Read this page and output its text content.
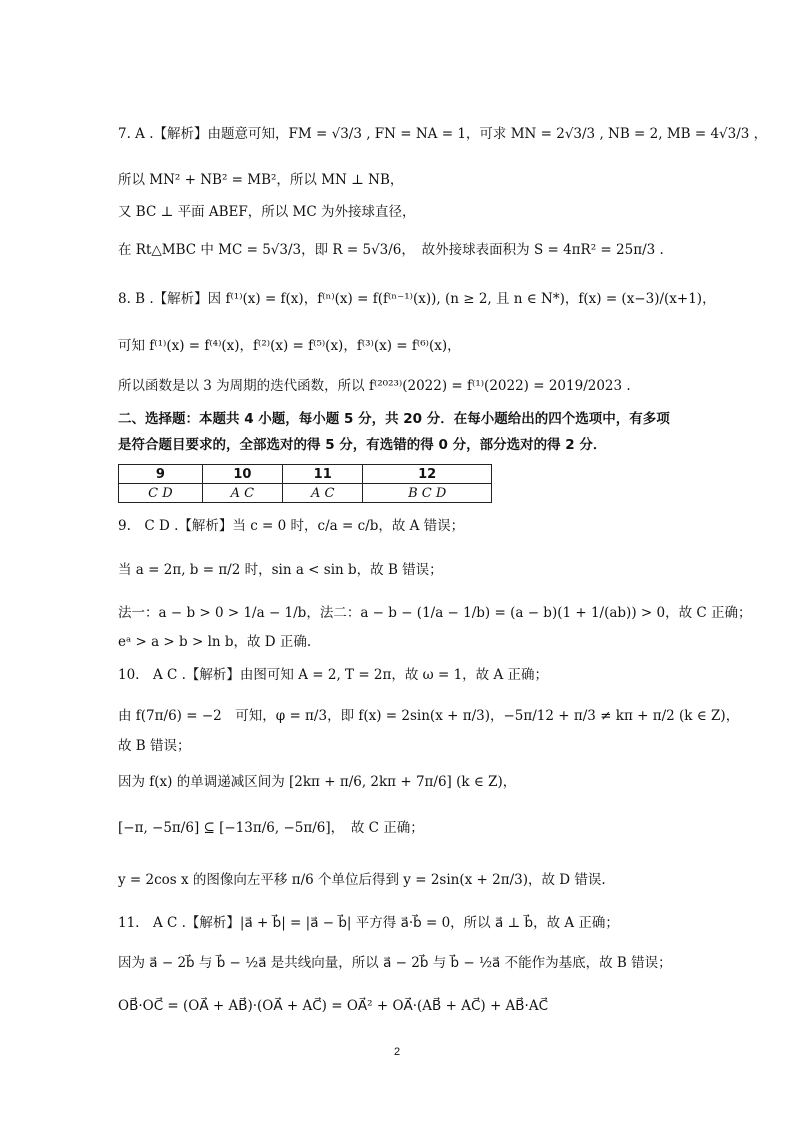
7. A .【解析】由题意可知，FM = √3/3 , FN = NA = 1，可求 MN = 2√3/3 , NB = 2, MB = 4√3/3 ，
所以 MN² + NB² = MB²，所以 MN ⊥ NB，
又 BC ⊥ 平面 ABEF，所以 MC 为外接球直径，
在 Rt△MBC 中 MC = 5√3/3，即 R = 5√3/6，　故外接球表面积为 S = 4πR² = 25π/3 .
8. B .【解析】因 f⁽¹⁾(x) = f(x)，f⁽ⁿ⁾(x) = f(f⁽ⁿ⁻¹⁾(x)), (n ≥ 2, 且 n ∈ N*)，f(x) = (x−3)/(x+1)，
可知 f⁽¹⁾(x) = f⁽⁴⁾(x)，f⁽²⁾(x) = f⁽⁵⁾(x)，f⁽³⁾(x) = f⁽⁶⁾(x)，
所以函数是以 3 为周期的迭代函数，所以 f⁽²⁰²³⁾(2022) = f⁽¹⁾(2022) = 2019/2023 .
二、选择题：本题共 4 小题，每小题 5 分，共 20 分．在每小题给出的四个选项中，有多项是符合题目要求的，全部选对的得 5 分，有选错的得 0 分，部分选对的得 2 分．
9	10	11	12
C D	A C	A C	B C D
9.　C D .【解析】当 c = 0 时，c/a = c/b，故 A 错误；
当 a = 2π, b = π/2 时，sin a < sin b，故 B 错误；
法一：a − b > 0 > 1/a − 1/b，法二：a − b − (1/a − 1/b) = (a − b)(1 + 1/(ab)) > 0，故 C 正确；
eᵃ > a > b > ln b，故 D 正确.
10.　A C .【解析】由图可知 A = 2, T = 2π，故 ω = 1，故 A 正确；
由 f(7π/6) = −2　可知，φ = π/3，即 f(x) = 2sin(x + π/3)，−5π/12 + π/3 ≠ kπ + π/2 (k ∈ Z)，
故 B 错误；
因为 f(x) 的单调递减区间为 [2kπ + π/6, 2kπ + 7π/6] (k ∈ Z)，
[−π, −5π/6] ⊆ [−13π/6, −5π/6]，　故 C 正确；
y = 2cos x 的图像向左平移 π/6 个单位后得到 y = 2sin(x + 2π/3)，故 D 错误.
11.　A C .【解析】|a⃗ + b⃗| = |a⃗ − b⃗| 平方得 a⃗·b⃗ = 0，所以 a⃗ ⊥ b⃗，故 A 正确；
因为 a⃗ − 2b⃗ 与 b⃗ − ½a⃗ 是共线向量，所以 a⃗ − 2b⃗ 与 b⃗ − ½a⃗ 不能作为基底，故 B 错误；
OB⃗·OC⃗ = (OA⃗ + AB⃗)·(OA⃗ + AC⃗) = OA⃗² + OA⃗·(AB⃗ + AC⃗) + AB⃗·AC⃗
2
